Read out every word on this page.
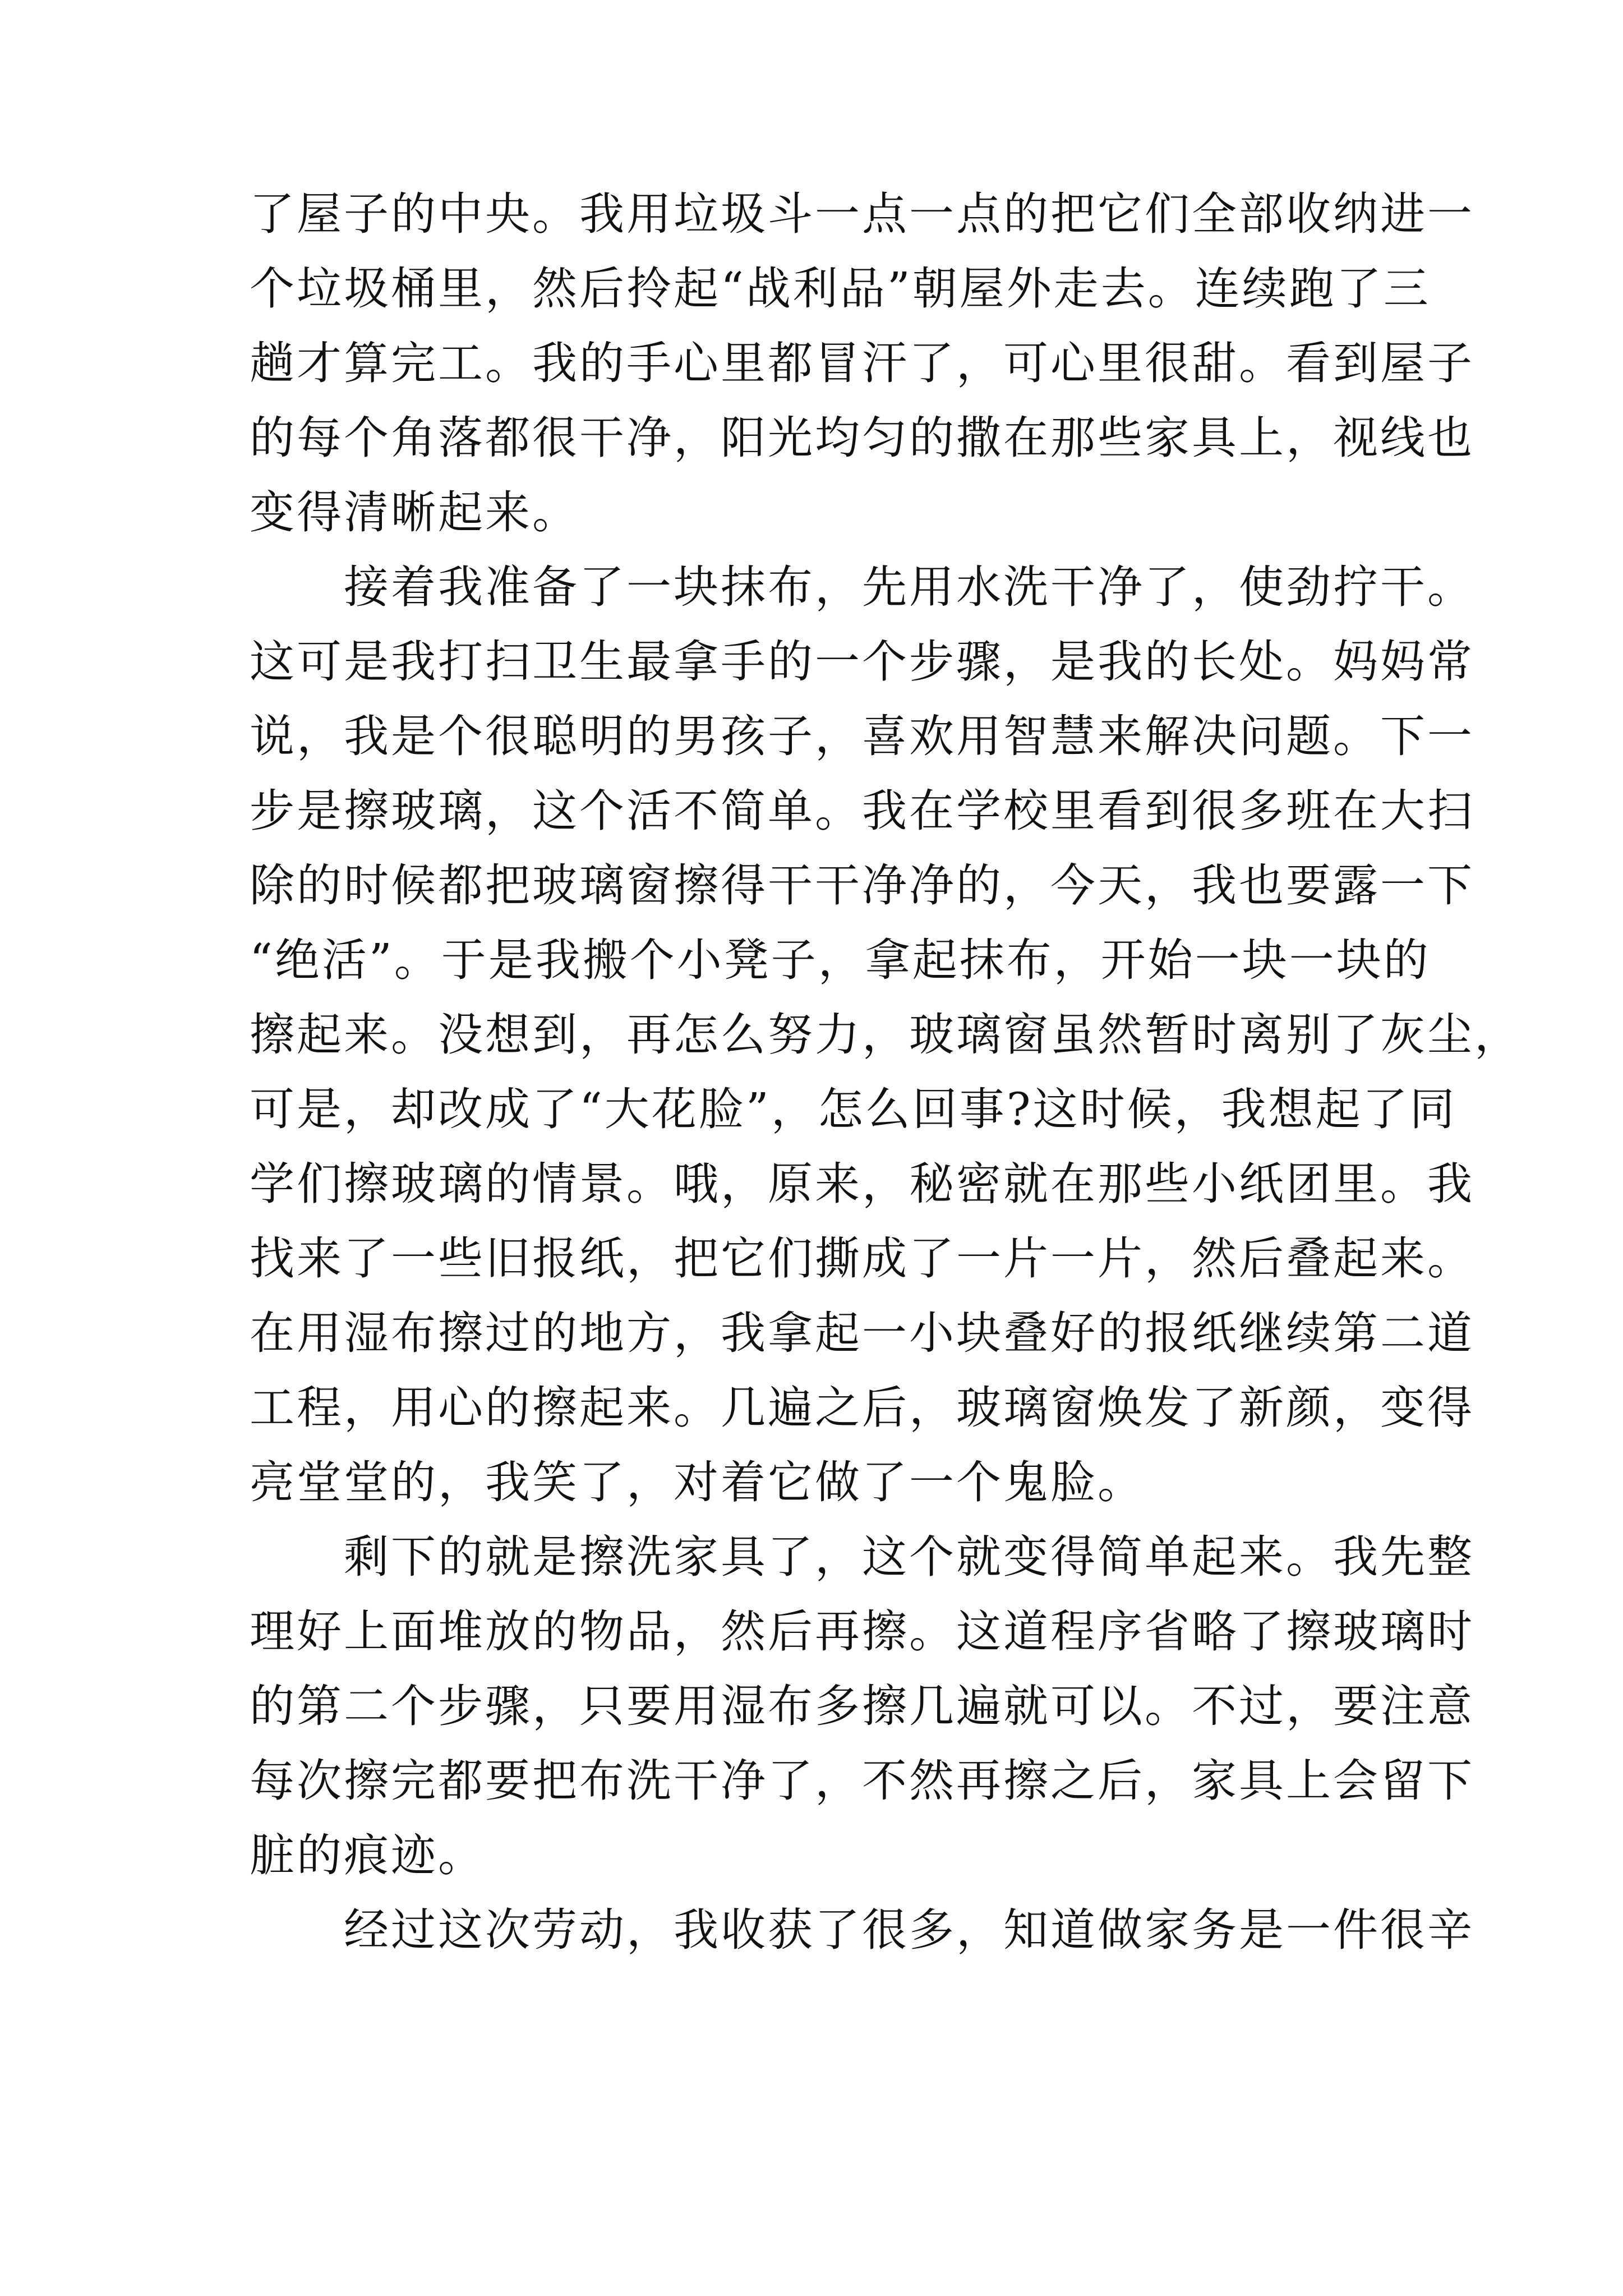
了屋子的中央。我用垃圾斗一点一点的把它们全部收纳进一
个垃圾桶里，然后拎起“战利品”朝屋外走去。连续跑了三
趟才算完工。我的手心里都冒汗了，可心里很甜。看到屋子
的每个角落都很干净，阳光均匀的撒在那些家具上，视线也
变得清晰起来。
　　接着我准备了一块抹布，先用水洗干净了，使劲拧干。
这可是我打扫卫生最拿手的一个步骤，是我的长处。妈妈常
说，我是个很聪明的男孩子，喜欢用智慧来解决问题。下一
步是擦玻璃，这个活不简单。我在学校里看到很多班在大扫
除的时候都把玻璃窗擦得干干净净的，今天，我也要露一下
“绝活”。于是我搬个小凳子，拿起抹布，开始一块一块的
擦起来。没想到，再怎么努力，玻璃窗虽然暂时离别了灰尘，
可是，却改成了“大花脸”，怎么回事?这时候，我想起了同
学们擦玻璃的情景。哦，原来，秘密就在那些小纸团里。我
找来了一些旧报纸，把它们撕成了一片一片，然后叠起来。
在用湿布擦过的地方，我拿起一小块叠好的报纸继续第二道
工程，用心的擦起来。几遍之后，玻璃窗焕发了新颜，变得
亮堂堂的，我笑了，对着它做了一个鬼脸。
　　剩下的就是擦洗家具了，这个就变得简单起来。我先整
理好上面堆放的物品，然后再擦。这道程序省略了擦玻璃时
的第二个步骤，只要用湿布多擦几遍就可以。不过，要注意
每次擦完都要把布洗干净了，不然再擦之后，家具上会留下
脏的痕迹。
　　经过这次劳动，我收获了很多，知道做家务是一件很辛
